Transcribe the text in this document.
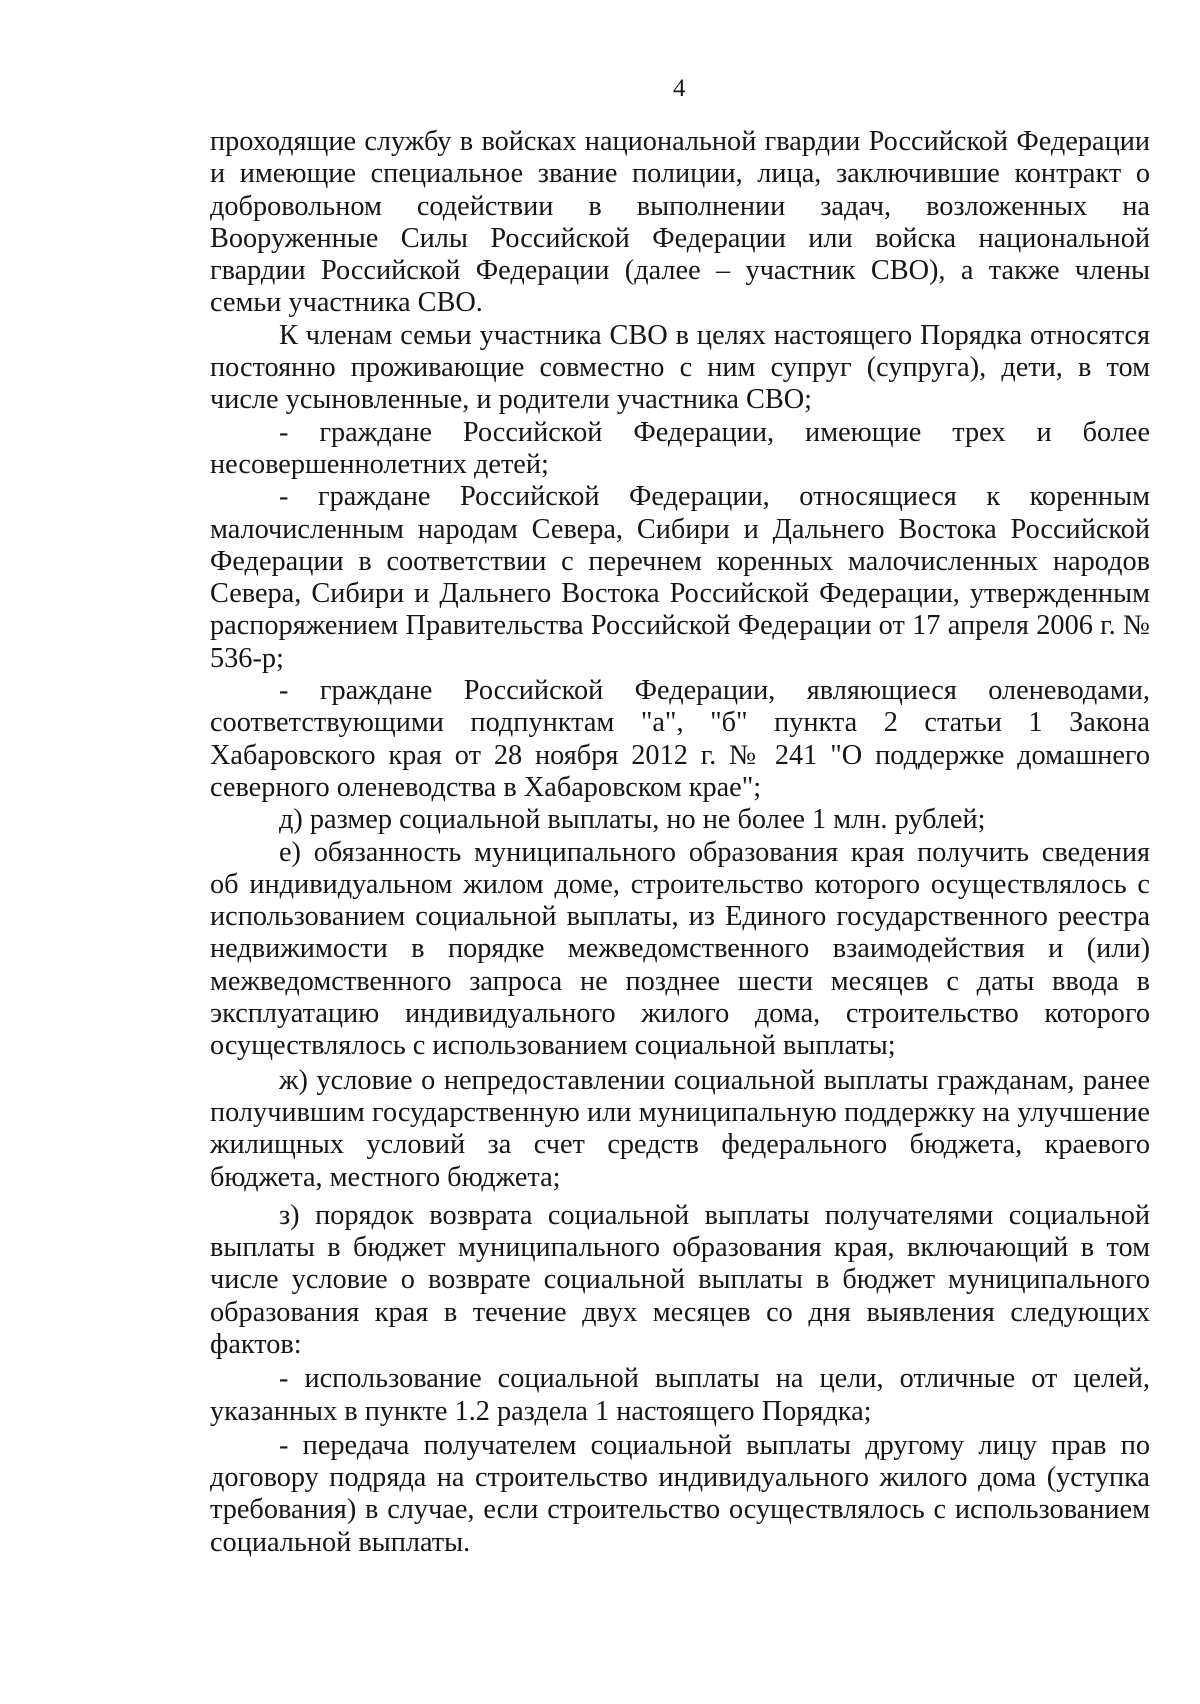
4

проходящие службу в войсках национальной гвардии Российской Федерации и имеющие специальное звание полиции, лица, заключившие контракт о добровольном содействии в выполнении задач, возложенных на Вооруженные Силы Российской Федерации или войска национальной гвардии Российской Федерации (далее – участник СВО), а также члены семьи участника СВО.

К членам семьи участника СВО в целях настоящего Порядка относятся постоянно проживающие совместно с ним супруг (супруга), дети, в том числе усыновленные, и родители участника СВО;

- граждане Российской Федерации, имеющие трех и более несовершеннолетних детей;

- граждане Российской Федерации, относящиеся к коренным малочисленным народам Севера, Сибири и Дальнего Востока Российской Федерации в соответствии с перечнем коренных малочисленных народов Севера, Сибири и Дальнего Востока Российской Федерации, утвержденным распоряжением Правительства Российской Федерации от 17 апреля 2006 г. № 536-р;

- граждане Российской Федерации, являющиеся оленеводами, соответствующими подпунктам "а", "б" пункта 2 статьи 1 Закона Хабаровского края от 28 ноября 2012 г. № 241 "О поддержке домашнего северного оленеводства в Хабаровском крае";

д) размер социальной выплаты, но не более 1 млн. рублей;

е) обязанность муниципального образования края получить сведения об индивидуальном жилом доме, строительство которого осуществлялось с использованием социальной выплаты, из Единого государственного реестра недвижимости в порядке межведомственного взаимодействия и (или) межведомственного запроса не позднее шести месяцев с даты ввода в эксплуатацию индивидуального жилого дома, строительство которого осуществлялось с использованием социальной выплаты;

ж) условие о непредоставлении социальной выплаты гражданам, ранее получившим государственную или муниципальную поддержку на улучшение жилищных условий за счет средств федерального бюджета, краевого бюджета, местного бюджета;

з) порядок возврата социальной выплаты получателями социальной выплаты в бюджет муниципального образования края, включающий в том числе условие о возврате социальной выплаты в бюджет муниципального образования края в течение двух месяцев со дня выявления следующих фактов:

- использование социальной выплаты на цели, отличные от целей, указанных в пункте 1.2 раздела 1 настоящего Порядка;

- передача получателем социальной выплаты другому лицу прав по договору подряда на строительство индивидуального жилого дома (уступка требования) в случае, если строительство осуществлялось с использованием социальной выплаты.
